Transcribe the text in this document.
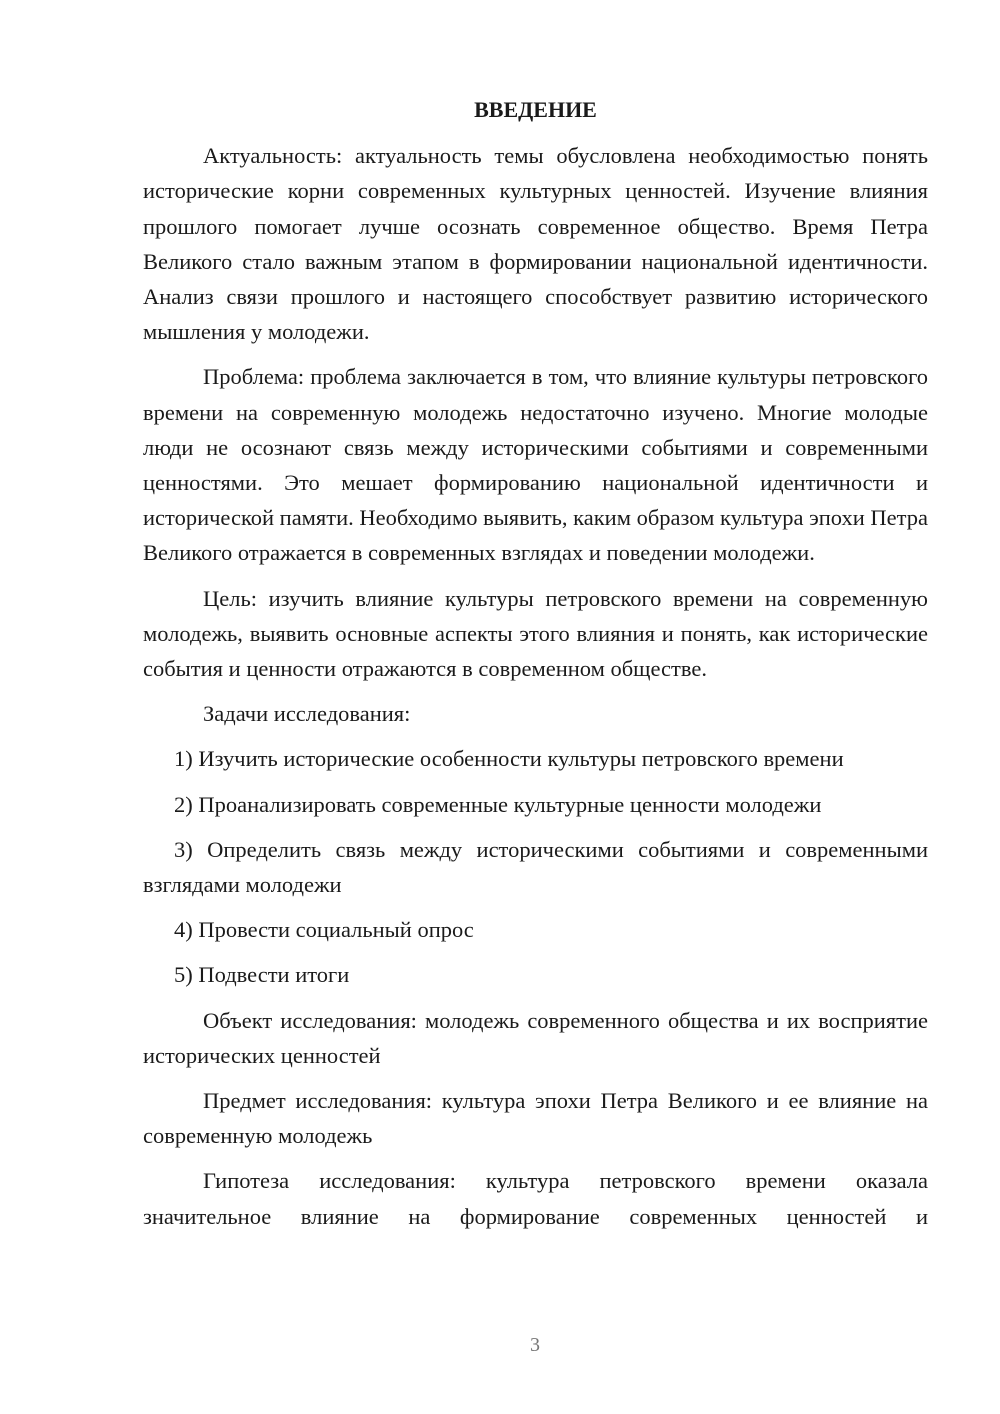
ВВЕДЕНИЕ

Актуальность: актуальность темы обусловлена необходимостью понять исторические корни современных культурных ценностей. Изучение влияния прошлого помогает лучше осознать современное общество. Время Петра Великого стало важным этапом в формировании национальной идентичности. Анализ связи прошлого и настоящего способствует развитию исторического мышления у молодежи.

Проблема: проблема заключается в том, что влияние культуры петровского времени на современную молодежь недостаточно изучено. Многие молодые люди не осознают связь между историческими событиями и современными ценностями. Это мешает формированию национальной идентичности и исторической памяти. Необходимо выявить, каким образом культура эпохи Петра Великого отражается в современных взглядах и поведении молодежи.

Цель: изучить влияние культуры петровского времени на современную молодежь, выявить основные аспекты этого влияния и понять, как исторические события и ценности отражаются в современном обществе.

Задачи исследования:

1) Изучить исторические особенности культуры петровского времени

2) Проанализировать современные культурные ценности молодежи

3) Определить связь между историческими событиями и современными взглядами молодежи

4) Провести социальный опрос

5) Подвести итоги

Объект исследования: молодежь современного общества и их восприятие исторических ценностей

Предмет исследования: культура эпохи Петра Великого и ее влияние на современную молодежь

Гипотеза исследования: культура петровского времени оказала значительное влияние на формирование современных ценностей и

3
